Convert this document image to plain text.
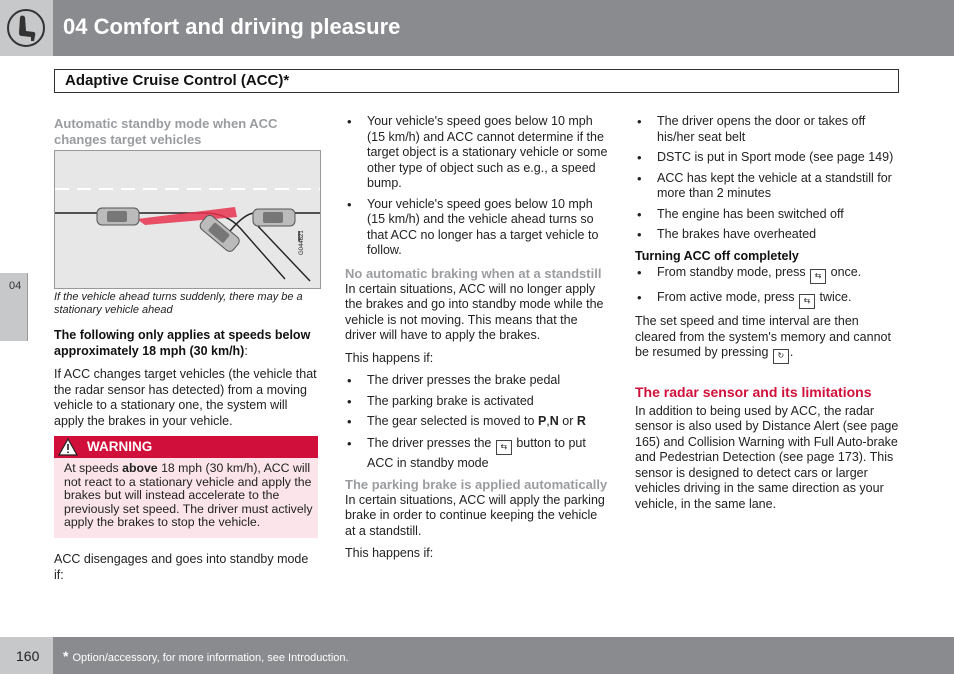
04 Comfort and driving pleasure
Adaptive Cruise Control (ACC)*
04
Automatic standby mode when ACC changes target vehicles
G044621

If the vehicle ahead turns suddenly, there may be a stationary vehicle ahead

The following only applies at speeds below approximately 18 mph (30 km/h):

If ACC changes target vehicles (the vehicle that the radar sensor has detected) from a moving vehicle to a stationary one, the system will apply the brakes in your vehicle.

WARNING

At speeds above 18 mph (30 km/h), ACC will not react to a stationary vehicle and apply the brakes but will instead accelerate to the previously set speed. The driver must actively apply the brakes to stop the vehicle.

ACC disengages and goes into standby mode if:

• Your vehicle's speed goes below 10 mph (15 km/h) and ACC cannot determine if the target object is a stationary vehicle or some other type of object such as e.g., a speed bump.
• Your vehicle's speed goes below 10 mph (15 km/h) and the vehicle ahead turns so that ACC no longer has a target vehicle to follow.
No automatic braking when at a standstill

In certain situations, ACC will no longer apply the brakes and go into standby mode while the vehicle is not moving. This means that the driver will have to apply the brakes.

This happens if:

• The driver presses the brake pedal
• The parking brake is activated
• The gear selected is moved to P,N or R
• The driver presses the ⇆ button to put ACC in standby mode
The parking brake is applied automatically

In certain situations, ACC will apply the parking brake in order to continue keeping the vehicle at a standstill.

This happens if:

• The driver opens the door or takes off his/her seat belt
• DSTC is put in Sport mode (see page 149)
• ACC has kept the vehicle at a standstill for more than 2 minutes
• The engine has been switched off
• The brakes have overheated
Turning ACC off completely
• From standby mode, press ⇆ once.
• From active mode, press ⇆ twice.

The set speed and time interval are then cleared from the system's memory and cannot be resumed by pressing ↻ .

The radar sensor and its limitations

In addition to being used by ACC, the radar sensor is also used by Distance Alert (see page 165) and Collision Warning with Full Auto-brake and Pedestrian Detection (see page 173). This sensor is designed to detect cars or larger vehicles driving in the same direction as your vehicle, in the same lane.

160 * Option/accessory, for more information, see Introduction.
